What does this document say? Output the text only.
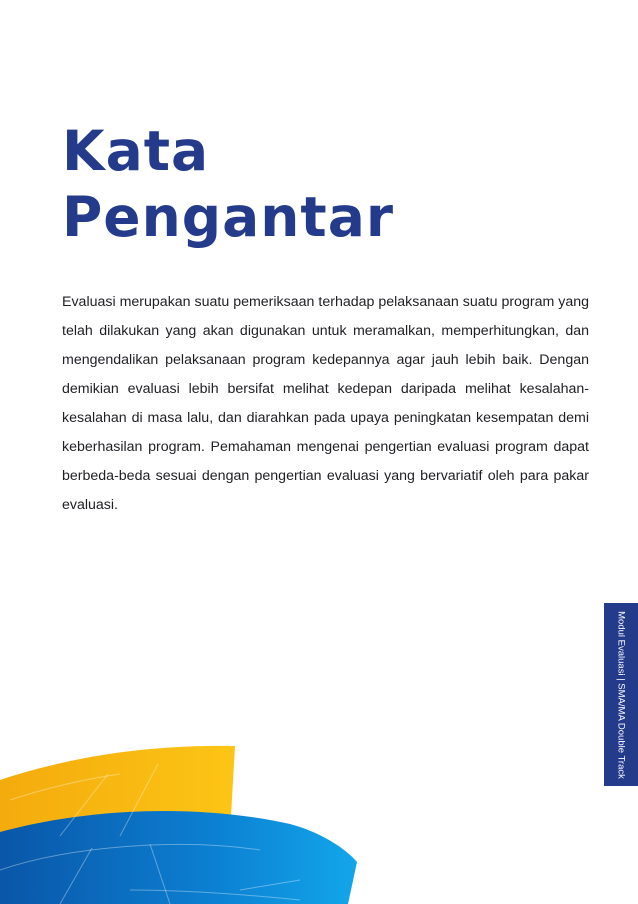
Kata
Pengantar

Evaluasi merupakan suatu pemeriksaan terhadap pelaksanaan suatu program yang telah dilakukan yang akan digunakan untuk meramalkan, memperhitungkan, dan mengendalikan pelaksanaan program kedepannya agar jauh lebih baik. Dengan demikian evaluasi lebih bersifat melihat kedepan daripada melihat kesalahan-kesalahan di masa lalu, dan diarahkan pada upaya peningkatan kesempatan demi keberhasilan program. Pemahaman mengenai pengertian evaluasi program dapat berbeda-beda sesuai dengan pengertian evaluasi yang bervariatif oleh para pakar evaluasi.

Modul Evaluasi | SMA/MA Double Track
